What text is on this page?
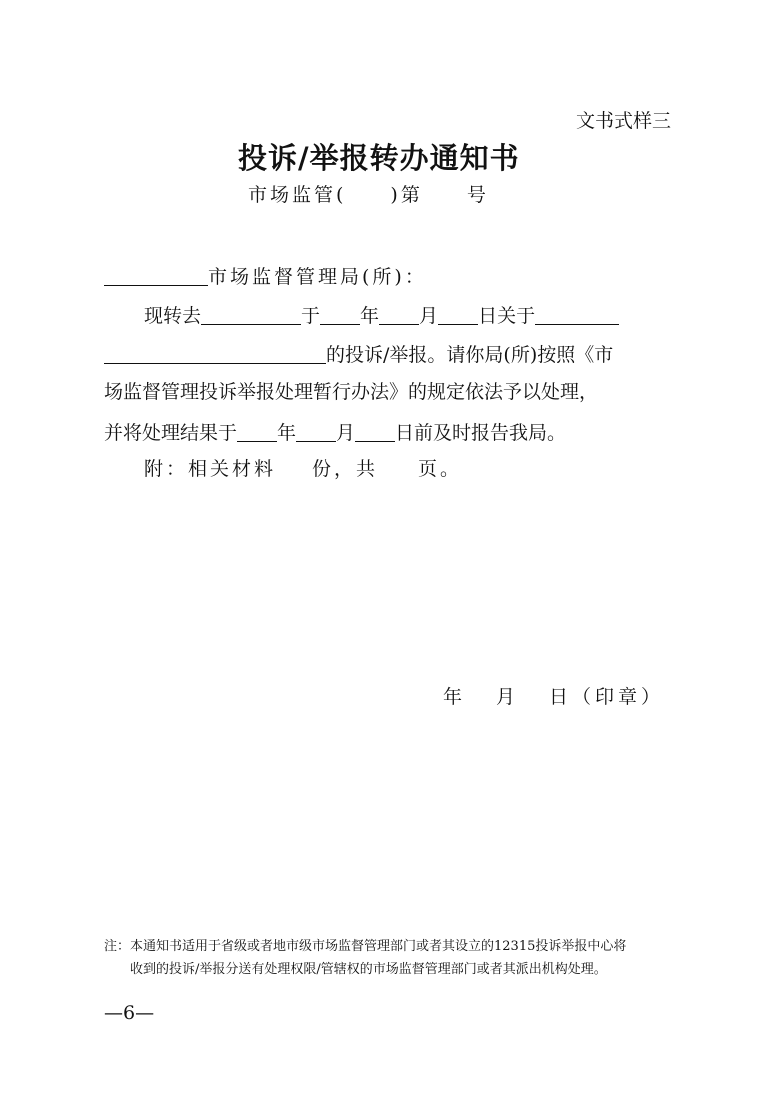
文书式样三
投诉/举报转办通知书
市场监管( )第 号
市场监督管理局(所)：
现转去	于 年 月 日关于
的投诉/举报。请你局(所)按照《市
场监督管理投诉举报处理暂行办法》的规定依法予以处理，
并将处理结果于 年 月 日前及时报告我局。
附：相关材料 份，共 页。
年 月 日（印章）
注：本通知书适用于省级或者地市级市场监督管理部门或者其设立的12315投诉举报中心将
收到的投诉/举报分送有处理权限/管辖权的市场监督管理部门或者其派出机构处理。
—6—
